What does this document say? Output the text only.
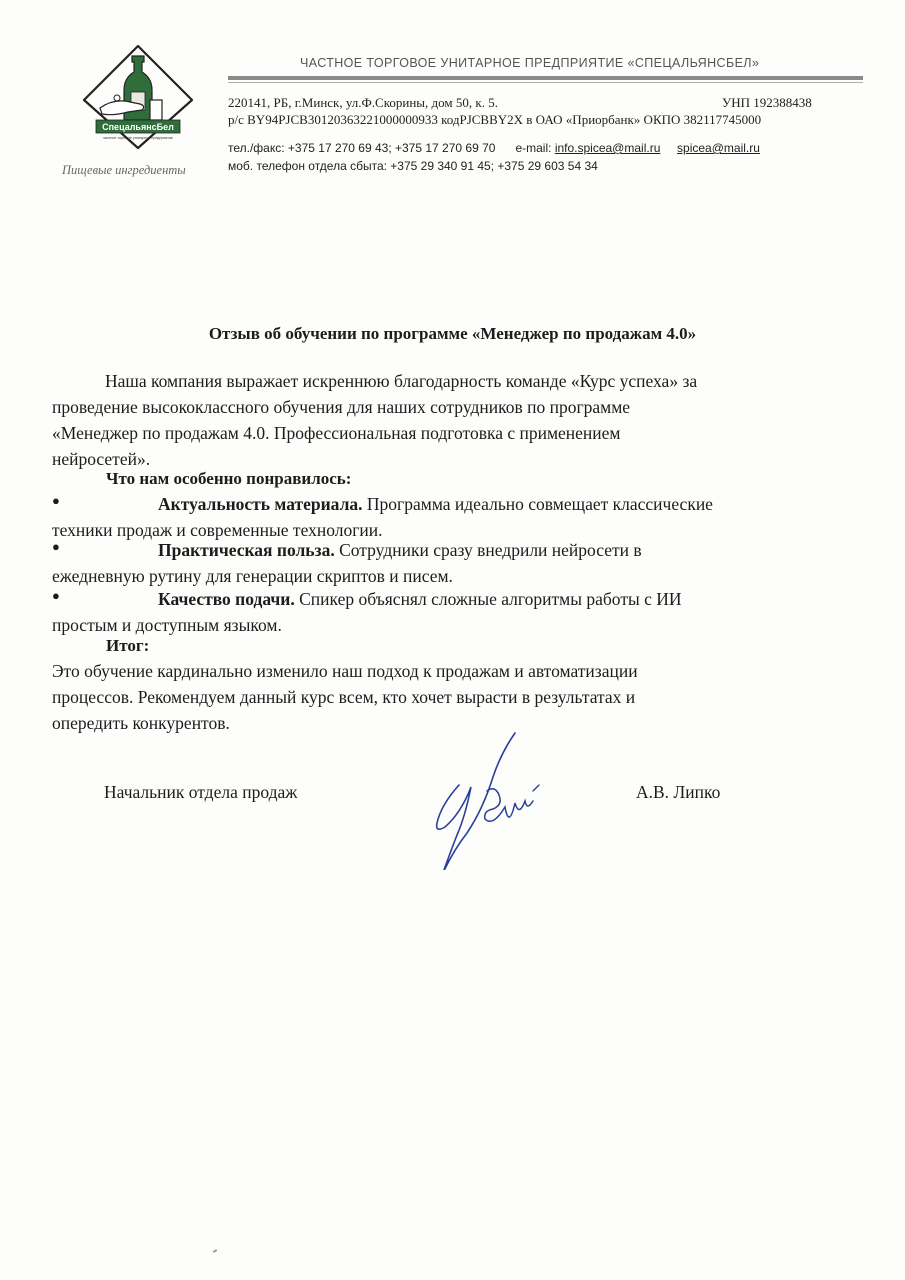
ЧАСТНОЕ ТОРГОВОЕ УНИТАРНОЕ ПРЕДПРИЯТИЕ «СПЕЦАЛЬЯНСБЕЛ»
СпецальянсБел
частное торговое унитарное предприятие
Пищевые ингредиенты
220141, РБ, г.Минск, ул.Ф.Скорины, дом 50, к. 5.	УНП 192388438
р/с BY94PJCB30120363221000000933 кодPJCBBY2X в ОАО «Приорбанк» ОКПО 382117745000
тел./факс: +375 17 270 69 43; +375 17 270 69 70 e-mail: info.spicea@mail.ru spicea@mail.ru
моб. телефон отдела сбыта: +375 29 340 91 45; +375 29 603 54 34
Отзыв об обучении по программе «Менеджер по продажам 4.0»
Наша компания выражает искреннюю благодарность команде «Курс успеха» за
проведение высококлассного обучения для наших сотрудников по программе
«Менеджер по продажам 4.0. Профессиональная подготовка с применением
нейросетей».
Что нам особенно понравилось:
●	Актуальность материала. Программа идеально совмещает классические
техники продаж и современные технологии.
●	Практическая польза. Сотрудники сразу внедрили нейросети в
ежедневную рутину для генерации скриптов и писем.
●	Качество подачи. Спикер объяснял сложные алгоритмы работы с ИИ
простым и доступным языком.
Итог:
Это обучение кардинально изменило наш подход к продажам и автоматизации
процессов. Рекомендуем данный курс всем, кто хочет вырасти в результатах и
опередить конкурентов.
Начальник отдела продаж	А.В. Липко
